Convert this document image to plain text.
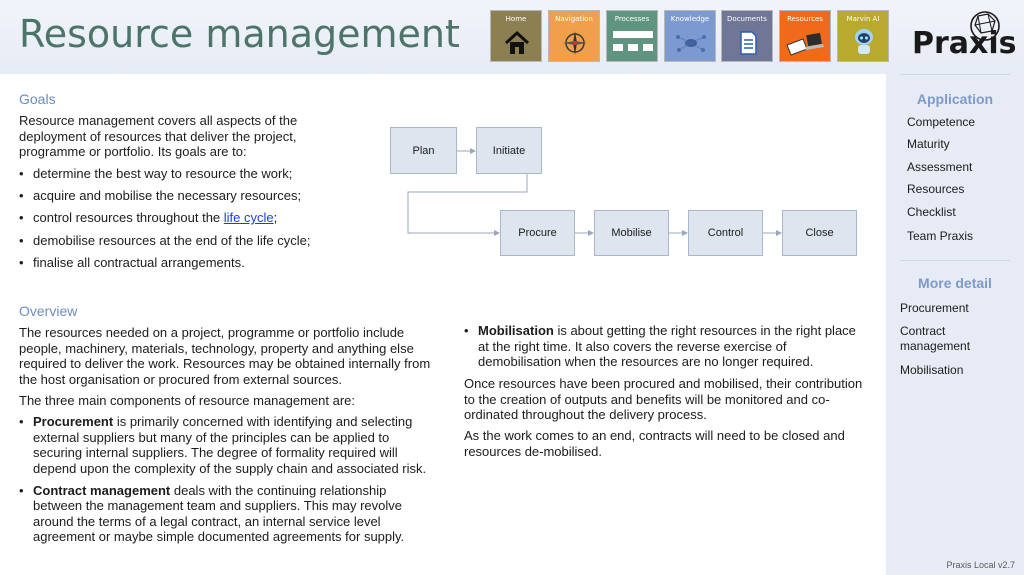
Resource management	Home	Navigation	Processes	Knowledge	Documents	Resources	Marvin AI
Praxis
Goals
Resource management covers all aspects of the deployment of resources that deliver the project, programme or portfolio. Its goals are to:
• determine the best way to resource the work;
• acquire and mobilise the necessary resources;
• control resources throughout the life cycle;
• demobilise resources at the end of the life cycle;
• finalise all contractual arrangements.
Plan	Initiate
Procure	Mobilise	Control	Close
Overview
The resources needed on a project, programme or portfolio include people, machinery, materials, technology, property and anything else required to deliver the work. Resources may be obtained internally from the host organisation or procured from external sources.
The three main components of resource management are:
• Procurement is primarily concerned with identifying and selecting external suppliers but many of the principles can be applied to securing internal suppliers. The degree of formality required will depend upon the complexity of the supply chain and associated risk.
• Contract management deals with the continuing relationship between the management team and suppliers. This may revolve around the terms of a legal contract, an internal service level agreement or maybe simple documented agreements for supply.
• Mobilisation is about getting the right resources in the right place at the right time. It also covers the reverse exercise of demobilisation when the resources are no longer required.
Once resources have been procured and mobilised, their contribution to the creation of outputs and benefits will be monitored and co-ordinated throughout the delivery process.
As the work comes to an end, contracts will need to be closed and resources de-mobilised.
Application
Competence
Maturity
Assessment
Resources
Checklist
Team Praxis
More detail
Procurement
Contract management
Mobilisation
Praxis Local v2.7
